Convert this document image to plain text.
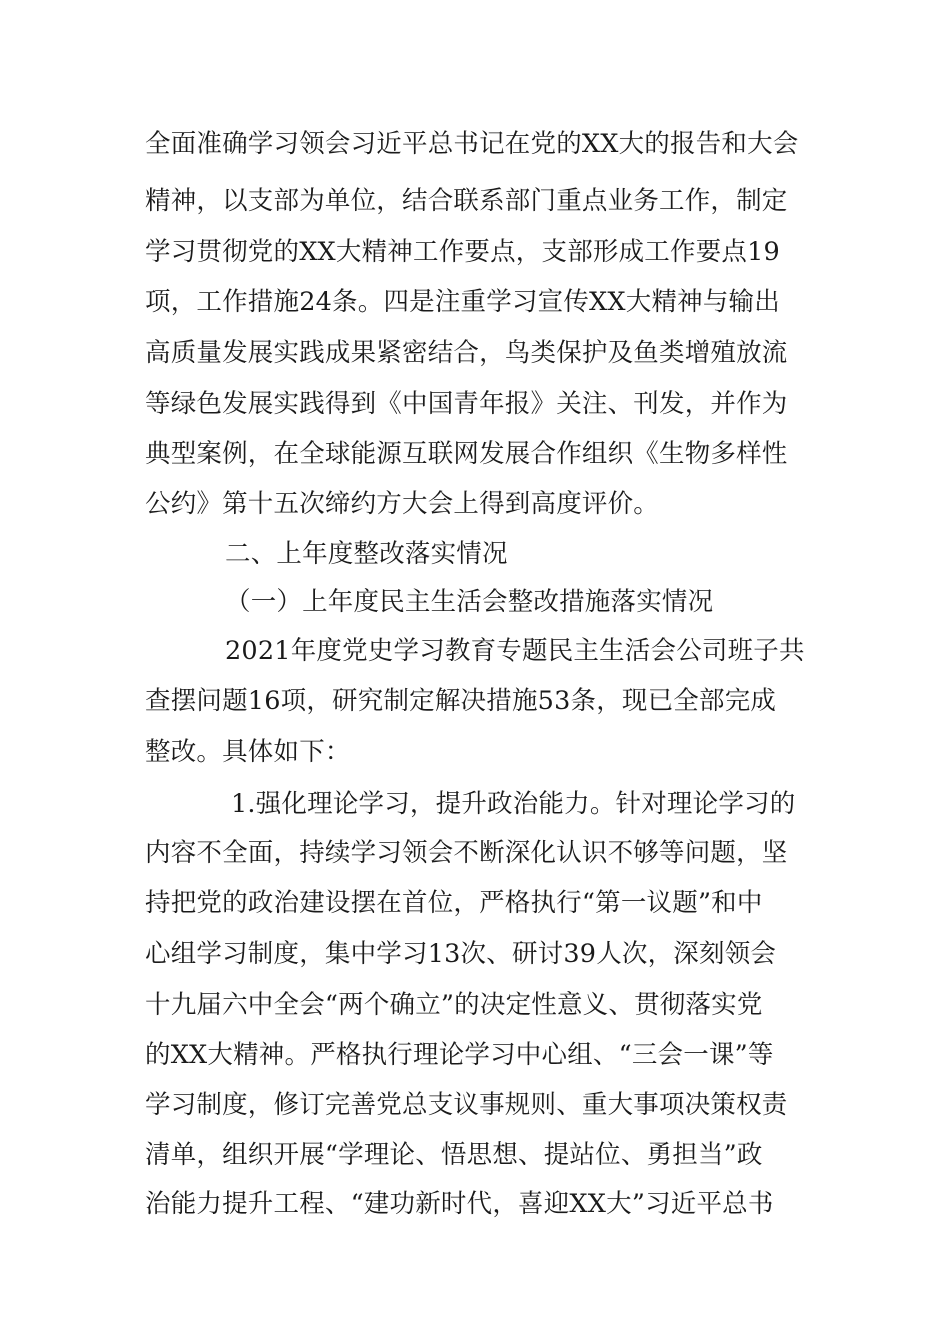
全面准确学习领会习近平总书记在党的XX大的报告和大会
精神，以支部为单位，结合联系部门重点业务工作，制定
学习贯彻党的XX大精神工作要点，支部形成工作要点19
项，工作措施24条。四是注重学习宣传XX大精神与输出
高质量发展实践成果紧密结合，鸟类保护及鱼类增殖放流
等绿色发展实践得到《中国青年报》关注、刊发，并作为
典型案例，在全球能源互联网发展合作组织《生物多样性
公约》第十五次缔约方大会上得到高度评价。
二、上年度整改落实情况
（一）上年度民主生活会整改措施落实情况
2021年度党史学习教育专题民主生活会公司班子共
查摆问题16项，研究制定解决措施53条，现已全部完成
整改。具体如下：
1.强化理论学习，提升政治能力。针对理论学习的
内容不全面，持续学习领会不断深化认识不够等问题，坚
持把党的政治建设摆在首位，严格执行“第一议题”和中
心组学习制度，集中学习13次、研讨39人次，深刻领会
十九届六中全会“两个确立”的决定性意义、贯彻落实党
的XX大精神。严格执行理论学习中心组、“三会一课”等
学习制度，修订完善党总支议事规则、重大事项决策权责
清单，组织开展“学理论、悟思想、提站位、勇担当”政
治能力提升工程、“建功新时代，喜迎XX大”习近平总书
